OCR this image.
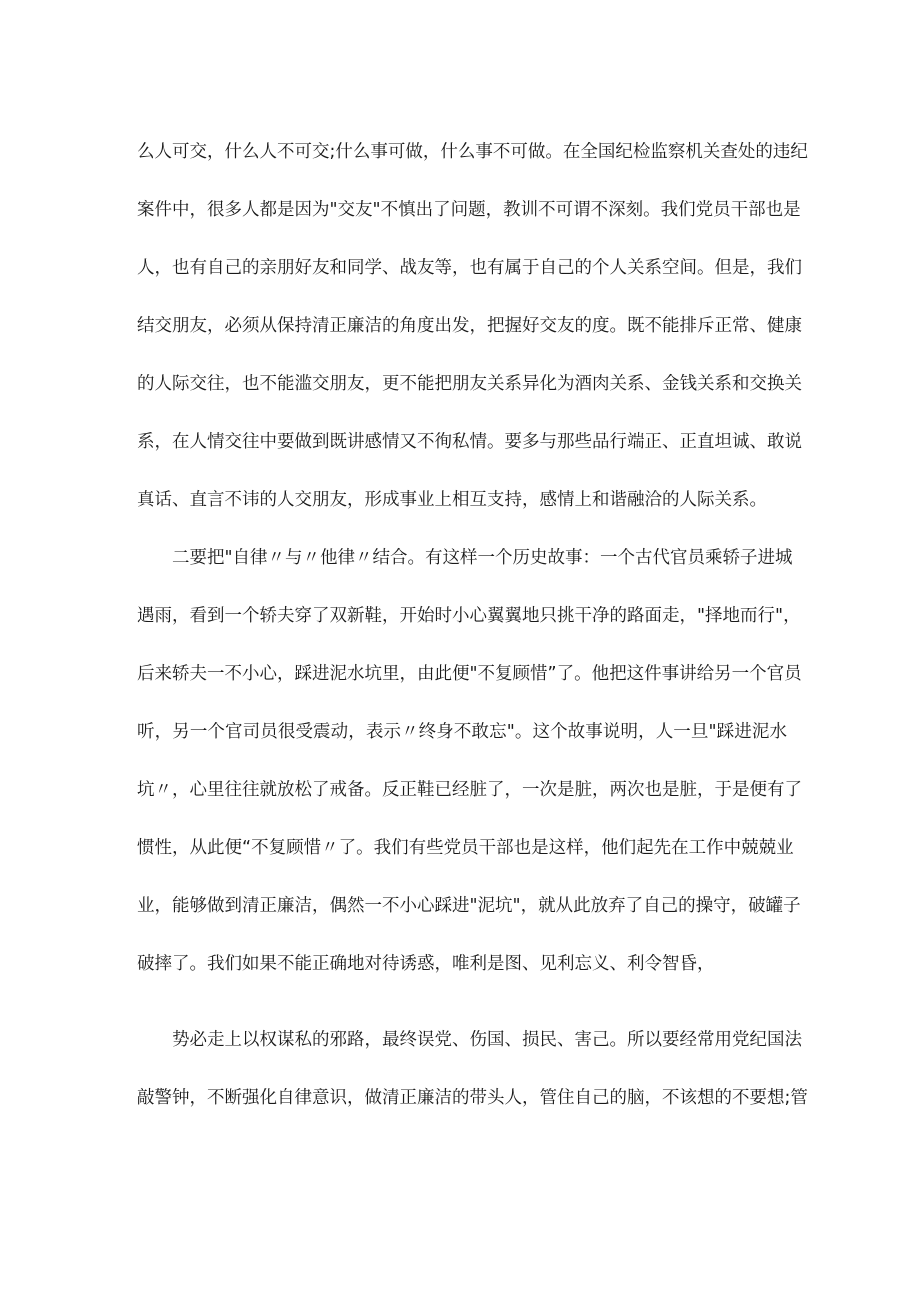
么人可交，什么人不可交;什么事可做，什么事不可做。在全国纪检监察机关查处的违纪
案件中，很多人都是因为"交友"不慎出了问题，教训不可谓不深刻。我们党员干部也是
人，也有自己的亲朋好友和同学、战友等，也有属于自己的个人关系空间。但是，我们
结交朋友，必须从保持清正廉洁的角度出发，把握好交友的度。既不能排斥正常、健康
的人际交往，也不能滥交朋友，更不能把朋友关系异化为酒肉关系、金钱关系和交换关
系，在人情交往中要做到既讲感情又不徇私情。要多与那些品行端正、正直坦诚、敢说
真话、直言不讳的人交朋友，形成事业上相互支持，感情上和谐融洽的人际关系。
二要把"自律〃与〃他律〃结合。有这样一个历史故事：一个古代官员乘轿子进城
遇雨，看到一个轿夫穿了双新鞋，开始时小心翼翼地只挑干净的路面走，"择地而行"，
后来轿夫一不小心，踩进泥水坑里，由此便"不复顾惜”了。他把这件事讲给另一个官员
听，另一个官司员很受震动，表示〃终身不敢忘"。这个故事说明，人一旦"踩进泥水
坑〃，心里往往就放松了戒备。反正鞋已经脏了，一次是脏，两次也是脏，于是便有了
惯性，从此便“不复顾惜〃了。我们有些党员干部也是这样，他们起先在工作中兢兢业
业，能够做到清正廉洁，偶然一不小心踩进"泥坑"，就从此放弃了自己的操守，破罐子
破摔了。我们如果不能正确地对待诱惑，唯利是图、见利忘义、利令智昏，
势必走上以权谋私的邪路，最终误党、伤国、损民、害己。所以要经常用党纪国法
敲警钟，不断强化自律意识，做清正廉洁的带头人，管住自己的脑，不该想的不要想;管
